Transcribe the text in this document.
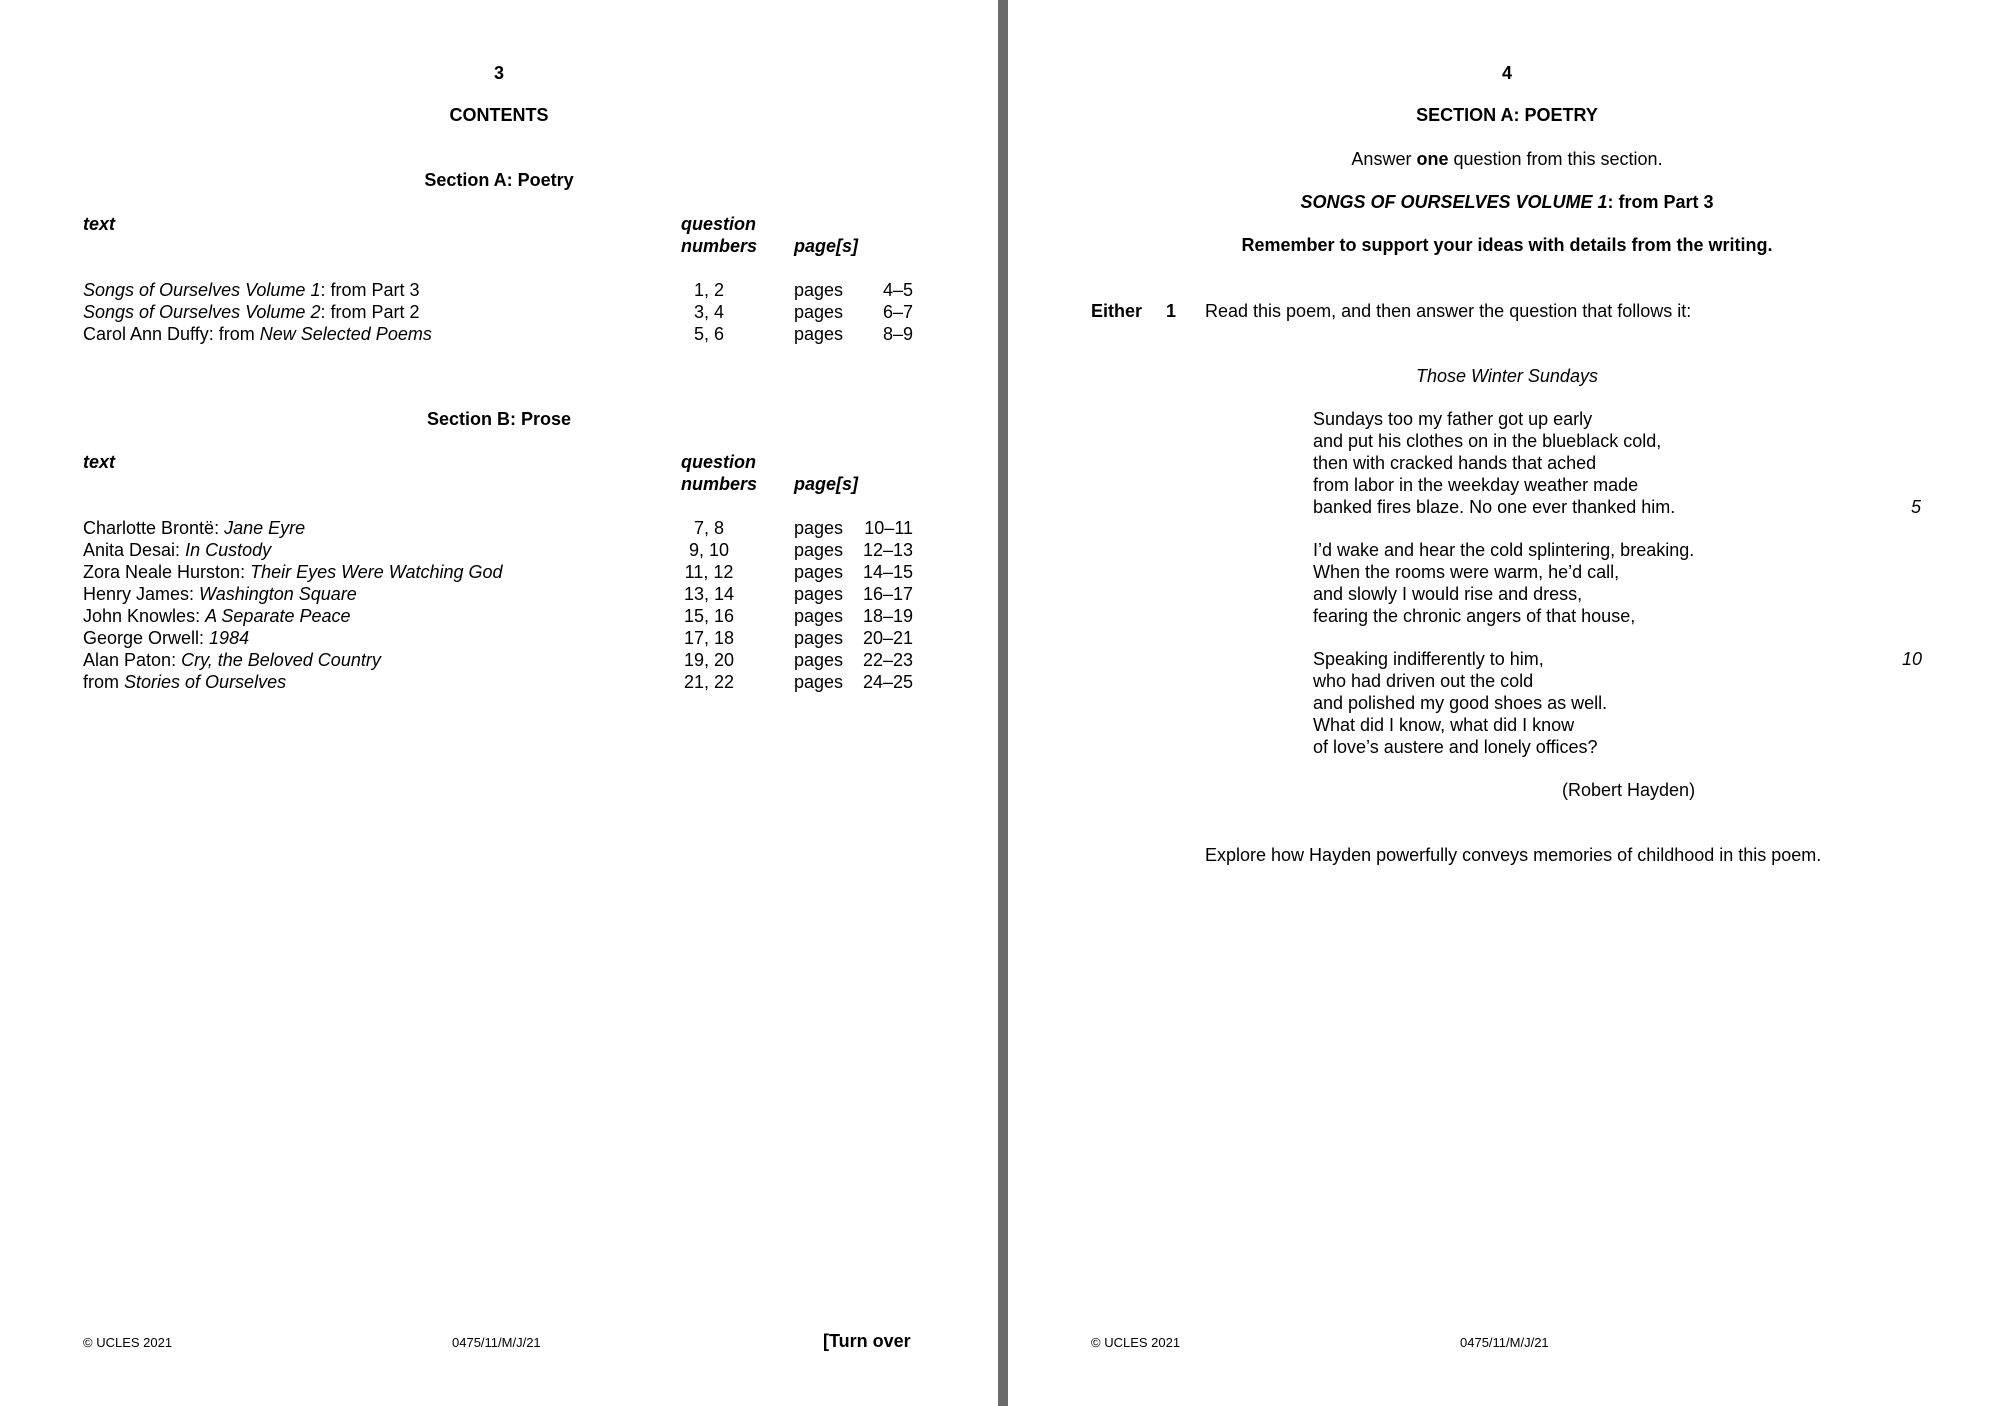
3
CONTENTS
Section A: Poetry
text	question
numbers page[s]
Songs of Ourselves Volume 1: from Part 3	1, 2	pages 4–5
Songs of Ourselves Volume 2: from Part 2	3, 4	pages 6–7
Carol Ann Duffy: from New Selected Poems	5, 6	pages 8–9
Section B: Prose
text	question
numbers page[s]
Charlotte Brontë: Jane Eyre	7, 8	pages 10–11
Anita Desai: In Custody	9, 10	pages 12–13
Zora Neale Hurston: Their Eyes Were Watching God	11, 12	pages 14–15
Henry James: Washington Square	13, 14	pages 16–17
John Knowles: A Separate Peace	15, 16	pages 18–19
George Orwell: 1984	17, 18	pages 20–21
Alan Paton: Cry, the Beloved Country	19, 20	pages 22–23
from Stories of Ourselves	21, 22	pages 24–25
© UCLES 2021	0475/11/M/J/21	[Turn over
4
SECTION A: POETRY
Answer one question from this section.
SONGS OF OURSELVES VOLUME 1: from Part 3
Remember to support your ideas with details from the writing.
Either 1 Read this poem, and then answer the question that follows it:
Those Winter Sundays
Sundays too my father got up early
and put his clothes on in the blueblack cold,
then with cracked hands that ached
from labor in the weekday weather made
banked fires blaze. No one ever thanked him.
I’d wake and hear the cold splintering, breaking.
When the rooms were warm, he’d call,
and slowly I would rise and dress,
fearing the chronic angers of that house,
Speaking indifferently to him,
who had driven out the cold
and polished my good shoes as well.
What did I know, what did I know
of love’s austere and lonely offices?
5
10
(Robert Hayden)
Explore how Hayden powerfully conveys memories of childhood in this poem.
© UCLES 2021	0475/11/M/J/21
